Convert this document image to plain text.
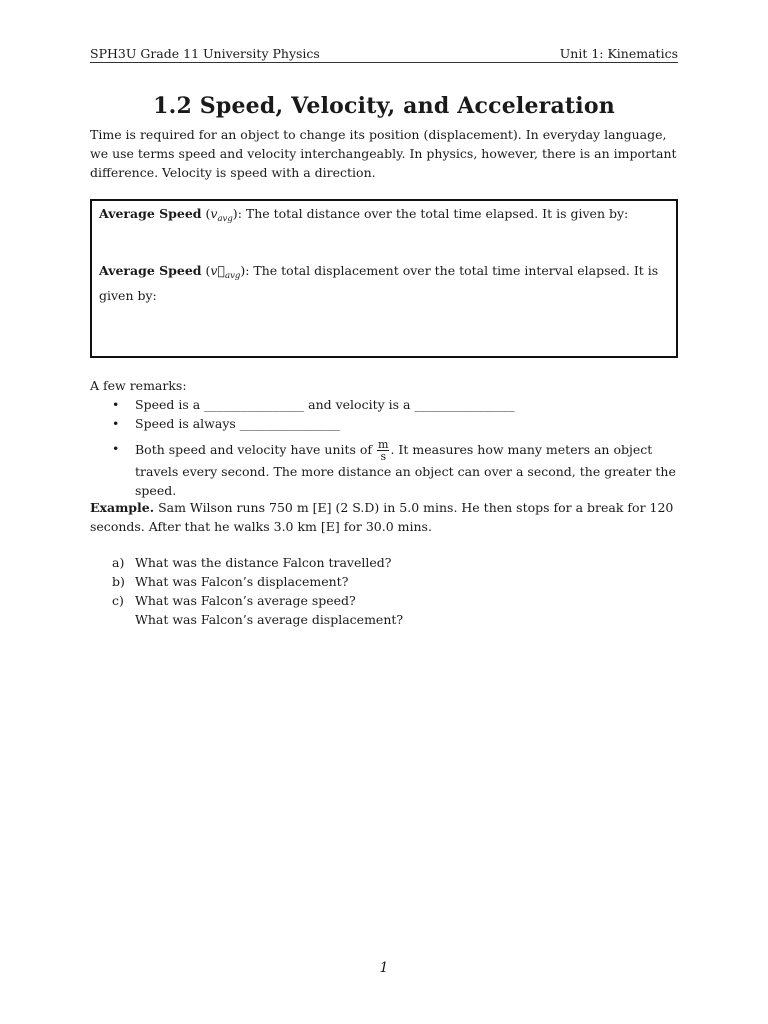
SPH3U Grade 11 University Physics	Unit 1: Kinematics
1.2 Speed, Velocity, and Acceleration
Time is required for an object to change its position (displacement). In everyday language, we use terms speed and velocity interchangeably. In physics, however, there is an important difference. Velocity is speed with a direction.
Average Speed $(v_{avg})$: The total distance over the total time elapsed. It is given by:
Average Speed $(v⃗_{avg})$: The total displacement over the total time interval elapsed. It is given by:
A few remarks:
• Speed is a ________________ and velocity is a ________________
• Speed is always ________________
• Both speed and velocity have units of $\frac{m}{s}$ . It measures how many meters an object travels every second. The more distance an object can over a second, the greater the speed.
Example. Sam Wilson runs 750 m [E] (2 S.D) in 5.0 mins. He then stops for a break for 120 seconds. After that he walks 3.0 km [E] for 30.0 mins.
a) What was the distance Falcon travelled?
b) What was Falcon’s displacement?
c) What was Falcon’s average speed?
What was Falcon’s average displacement?
1
